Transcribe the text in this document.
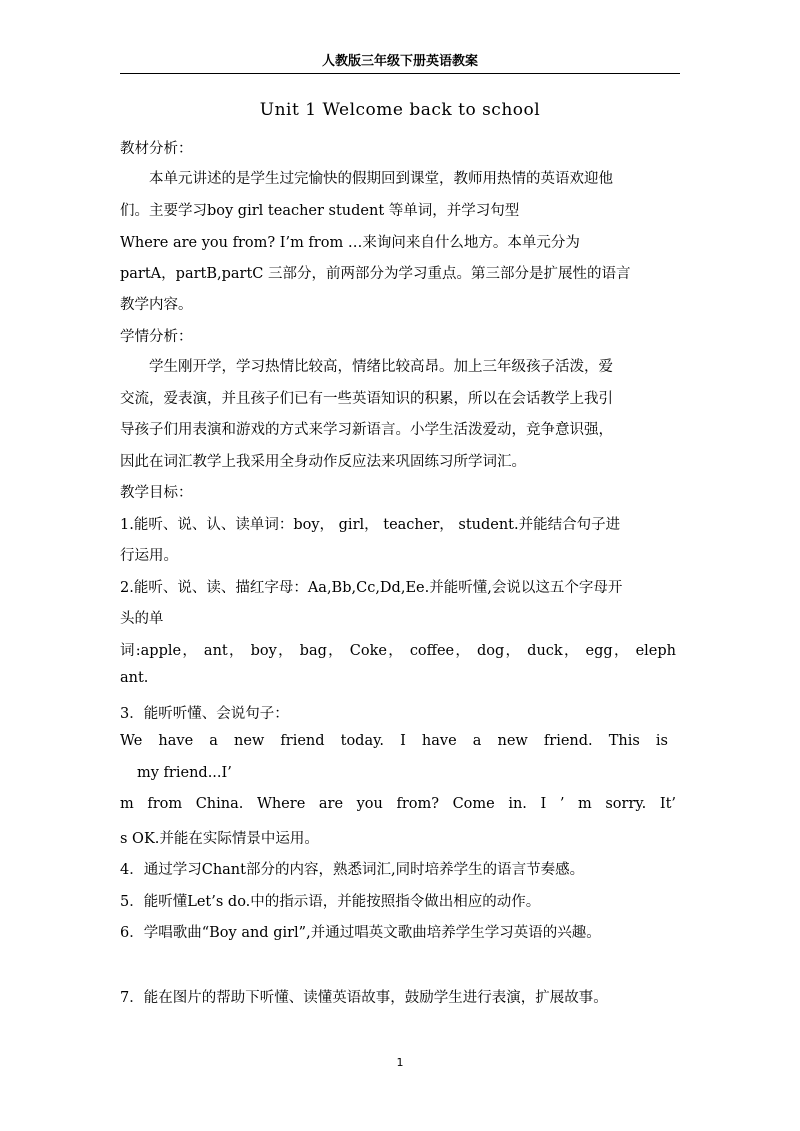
人教版三年级下册英语教案
Unit 1 Welcome back to school
教材分析：
本单元讲述的是学生过完愉快的假期回到课堂，教师用热情的英语欢迎他
们。主要学习boy girl teacher student 等单词，并学习句型
Where are you from? I’m from …来询问来自什么地方。本单元分为
partA，partB,partC 三部分，前两部分为学习重点。第三部分是扩展性的语言
教学内容。
学情分析：
学生刚开学，学习热情比较高，情绪比较高昂。加上三年级孩子活泼，爱
交流，爱表演，并且孩子们已有一些英语知识的积累，所以在会话教学上我引
导孩子们用表演和游戏的方式来学习新语言。小学生活泼爱动，竞争意识强，
因此在词汇教学上我采用全身动作反应法来巩固练习所学词汇。
教学目标：
1.能听、说、认、读单词：boy， girl， teacher， student.并能结合句子进
行运用。
2.能听、说、读、描红字母：Aa,Bb,Cc,Dd,Ee.并能听懂,会说以这五个字母开
头的单
词:apple， ant， boy， bag， Coke， coffee， dog， duck， egg， eleph
ant.
3．能听听懂、会说句子：
We have a new friend today. I have a new friend. This is
my friend...I’
m from China. Where are you from? Come in. I ’ m sorry. It’
s OK.并能在实际情景中运用。
4．通过学习Chant部分的内容，熟悉词汇,同时培养学生的语言节奏感。
5．能听懂Let’s do.中的指示语，并能按照指令做出相应的动作。
6．学唱歌曲“Boy and girl”,并通过唱英文歌曲培养学生学习英语的兴趣。
7．能在图片的帮助下听懂、读懂英语故事，鼓励学生进行表演，扩展故事。
1
